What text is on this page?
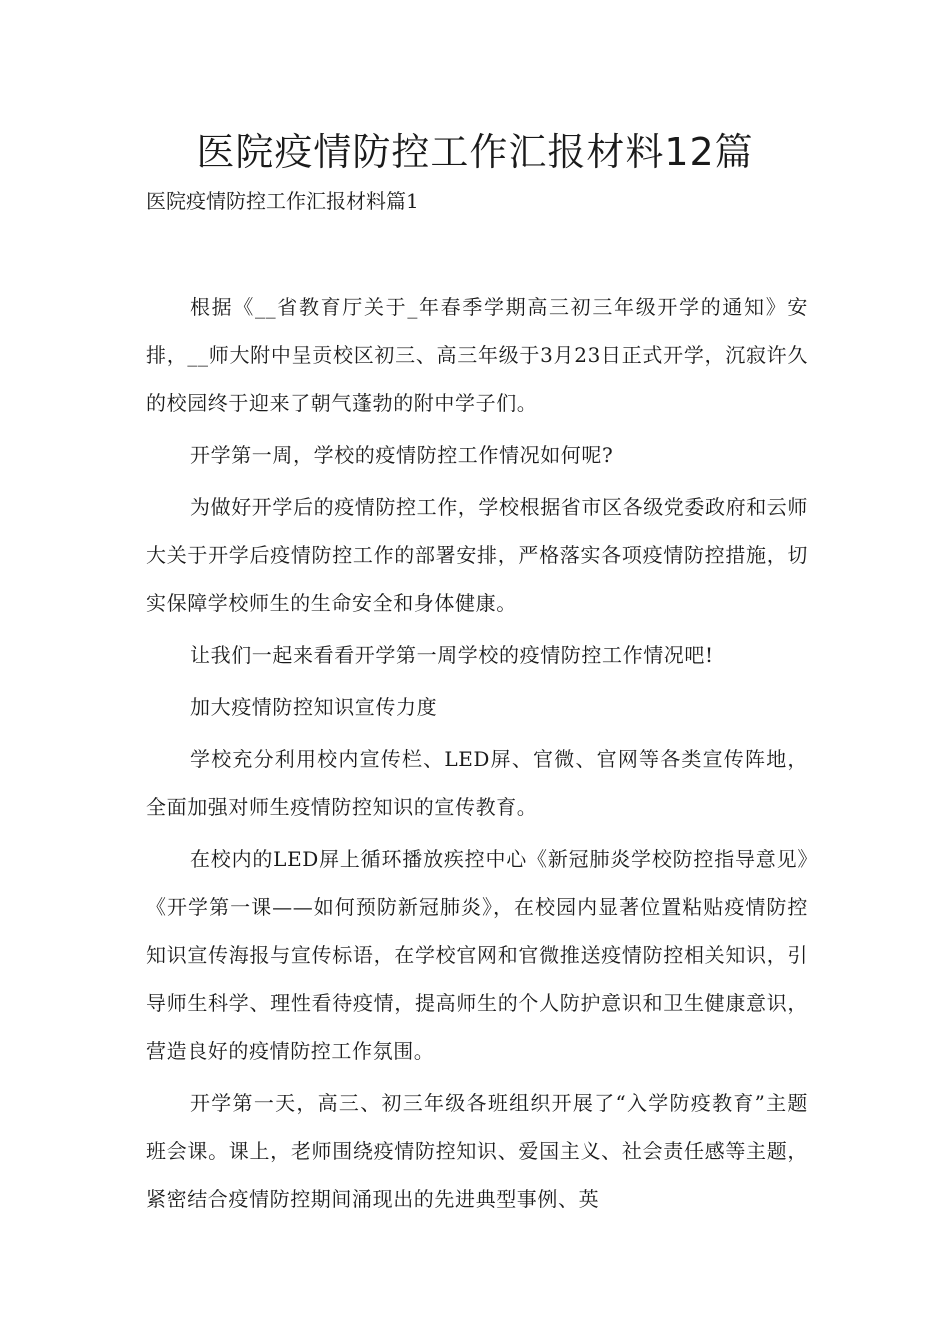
医院疫情防控工作汇报材料12篇
医院疫情防控工作汇报材料篇1

根据《__省教育厅关于_年春季学期高三初三年级开学的通知》安排，__师大附中呈贡校区初三、高三年级于3月23日正式开学，沉寂许久的校园终于迎来了朝气蓬勃的附中学子们。

开学第一周，学校的疫情防控工作情况如何呢?

为做好开学后的疫情防控工作，学校根据省市区各级党委政府和云师大关于开学后疫情防控工作的部署安排，严格落实各项疫情防控措施，切实保障学校师生的生命安全和身体健康。

让我们一起来看看开学第一周学校的疫情防控工作情况吧!

加大疫情防控知识宣传力度

学校充分利用校内宣传栏、LED屏、官微、官网等各类宣传阵地，全面加强对师生疫情防控知识的宣传教育。

在校内的LED屏上循环播放疾控中心《新冠肺炎学校防控指导意见》《开学第一课——如何预防新冠肺炎》，在校园内显著位置粘贴疫情防控知识宣传海报与宣传标语，在学校官网和官微推送疫情防控相关知识，引导师生科学、理性看待疫情，提高师生的个人防护意识和卫生健康意识，营造良好的疫情防控工作氛围。

开学第一天，高三、初三年级各班组织开展了“入学防疫教育”主题班会课。课上，老师围绕疫情防控知识、爱国主义、社会责任感等主题，紧密结合疫情防控期间涌现出的先进典型事例、英
